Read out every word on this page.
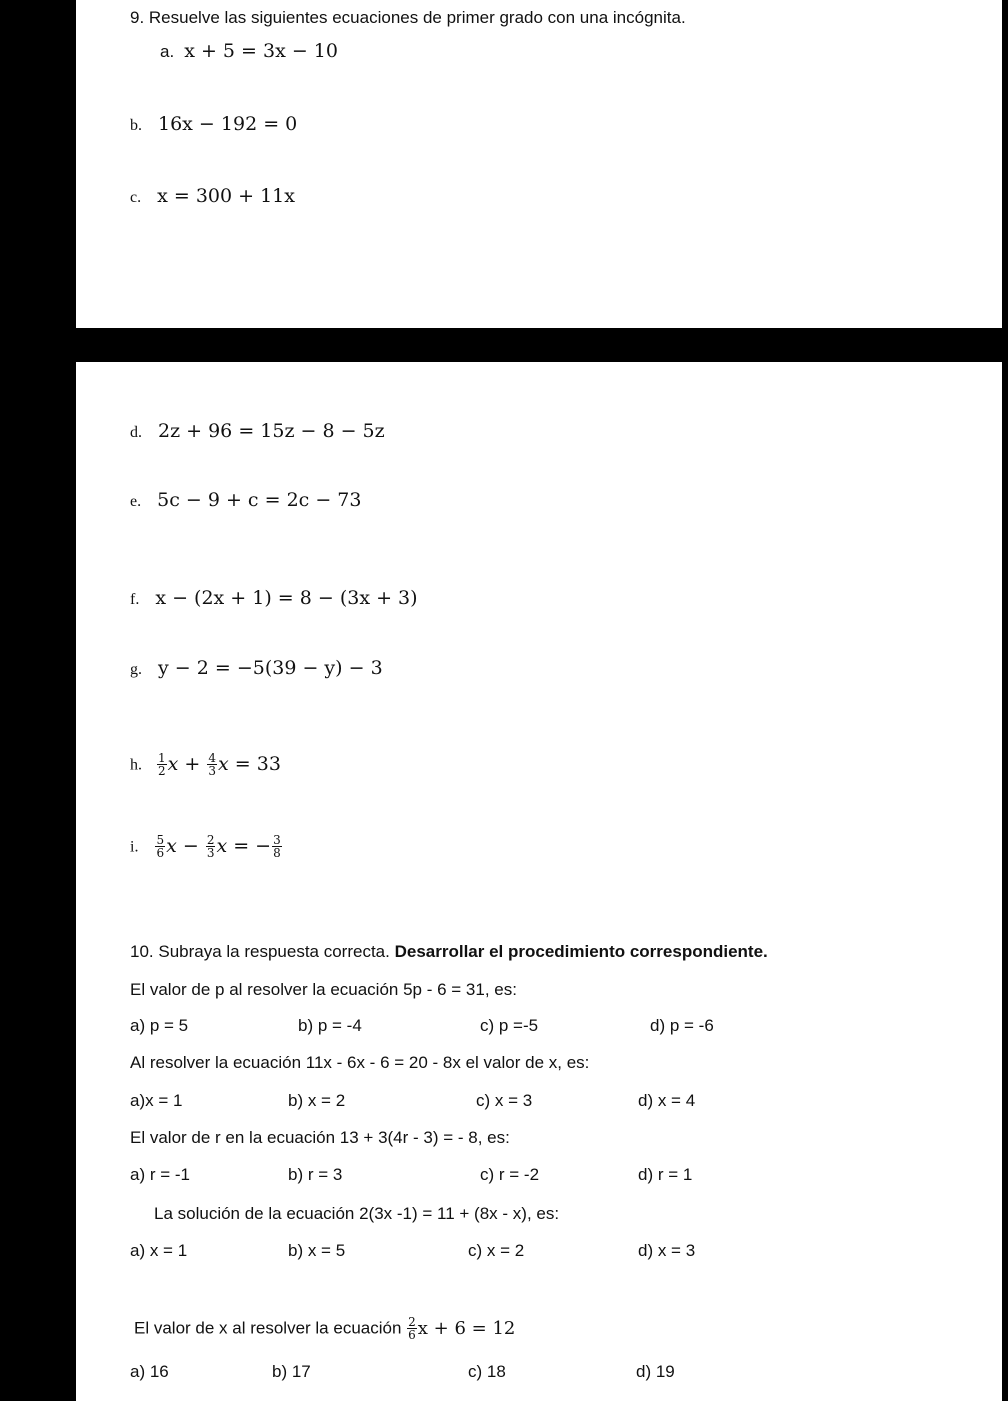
9. Resuelve las siguientes ecuaciones de primer grado con una incógnita.
a. x + 5 = 3x − 10
b. 16x − 192 = 0
c. x = 300 + 11x
d. 2z + 96 = 15z − 8 − 5z
e. 5c − 9 + c = 2c − 73
f. x − (2x + 1) = 8 − (3x + 3)
g. y − 2 = −5(39 − y) − 3
h. $\frac{1}{2}$ $x + \frac{4}{3}$ x = 33
i. $\frac{5}{6}$ $x - \frac{2}{3}$ x = − $\frac{3}{8}$
10. Subraya la respuesta correcta. Desarrollar el procedimiento correspondiente.
El valor de p al resolver la ecuación 5p - 6 = 31, es:
a) p = 5	b) p = -4	c) p =-5	d) p = -6
Al resolver la ecuación 11x - 6x - 6 = 20 - 8x el valor de x, es:
a)x = 1	b) x = 2	c) x = 3	d) x = 4
El valor de r en la ecuación 13 + 3(4r - 3) = - 8, es:
a) r = -1	b) r = 3	c) r = -2	d) r = 1
La solución de la ecuación 2(3x -1) = 11 + (8x - x), es:
a) x = 1	b) x = 5	c) x = 2	d) x = 3
El valor de x al resolver la ecuación $\frac{2}{6}$ x + 6 = 12
a) 16	b) 17	c) 18	d) 19
